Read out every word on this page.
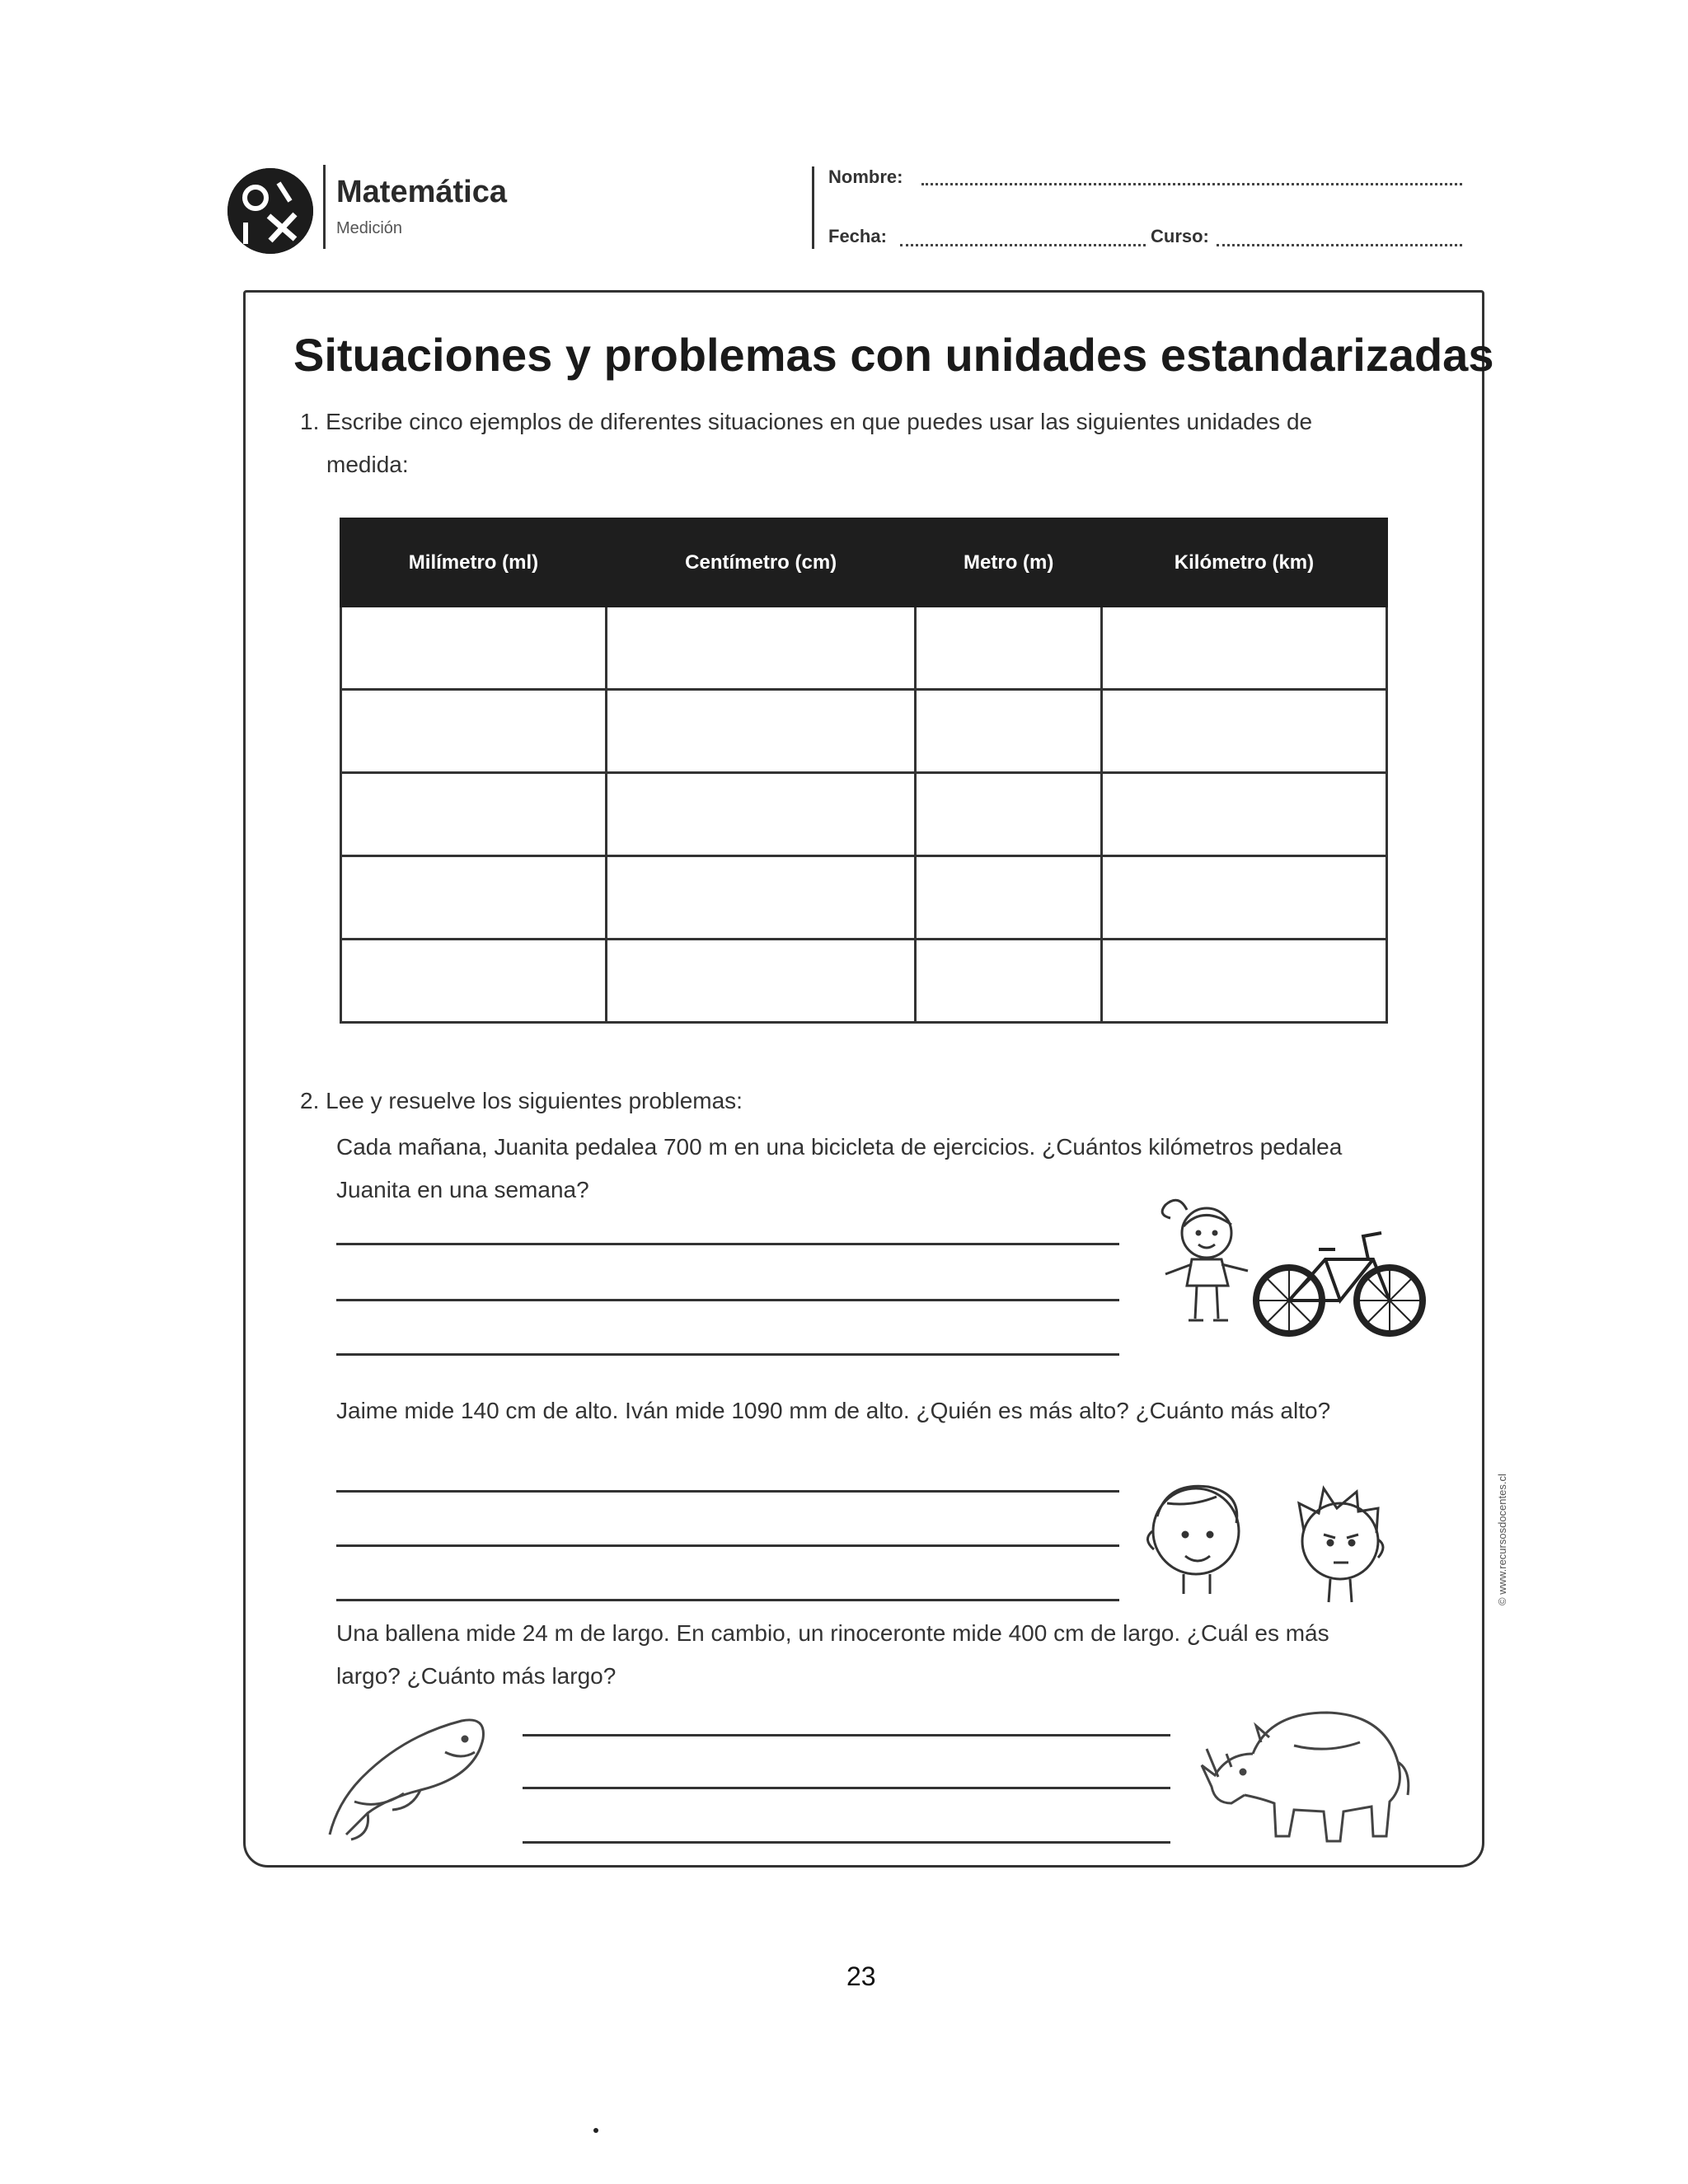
Matemática
Medición
Nombre:
Fecha:	Curso:
Situaciones y problemas con unidades estandarizadas
1. Escribe cinco ejemplos de diferentes situaciones en que puedes usar las siguientes unidades de
medida:
Milímetro (ml)	Centímetro (cm)	Metro (m)	Kilómetro (km)

2. Lee y resuelve los siguientes problemas:
Cada mañana, Juanita pedalea 700 m en una bicicleta de ejercicios. ¿Cuántos kilómetros pedalea
Juanita en una semana?
Jaime mide 140 cm de alto. Iván mide 1090 mm de alto. ¿Quién es más alto? ¿Cuánto más alto?
Una ballena mide 24 m de largo. En cambio, un rinoceronte mide 400 cm de largo. ¿Cuál es más
largo? ¿Cuánto más largo?
© www.recursosdocentes.cl
23
